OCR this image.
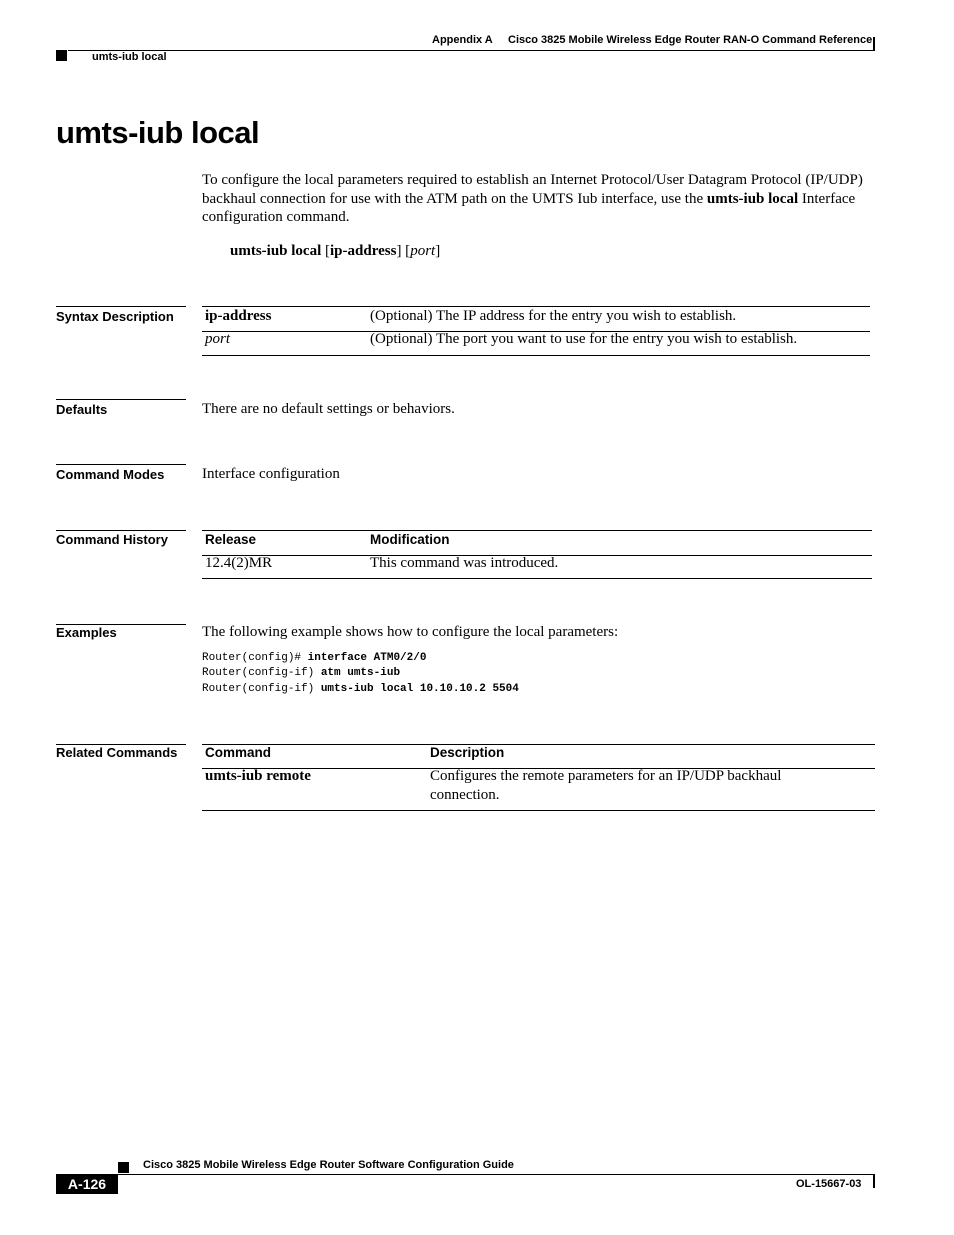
Appendix A Cisco 3825 Mobile Wireless Edge Router RAN-O Command Reference
umts-iub local
umts-iub local
To configure the local parameters required to establish an Internet Protocol/User Datagram Protocol (IP/UDP) backhaul connection for use with the ATM path on the UMTS Iub interface, use the umts-iub local Interface configuration command.
umts-iub local [ip-address] [port]
Syntax Description ip-address	(Optional) The IP address for the entry you wish to establish.
port	(Optional) The port you want to use for the entry you wish to establish.
Defaults	There are no default settings or behaviors.
Command Modes	Interface configuration
Command History	Release	Modification
12.4(2)MR	This command was introduced.
Examples	The following example shows how to configure the local parameters:
Router(config)# interface ATM0/2/0
Router(config-if) atm umts-iub
Router(config-if) umts-iub local 10.10.10.2 5504
Related Commands Command	Description
umts-iub remote	Configures the remote parameters for an IP/UDP backhaul
connection.
Cisco 3825 Mobile Wireless Edge Router Software Configuration Guide
A-126	OL-15667-03
